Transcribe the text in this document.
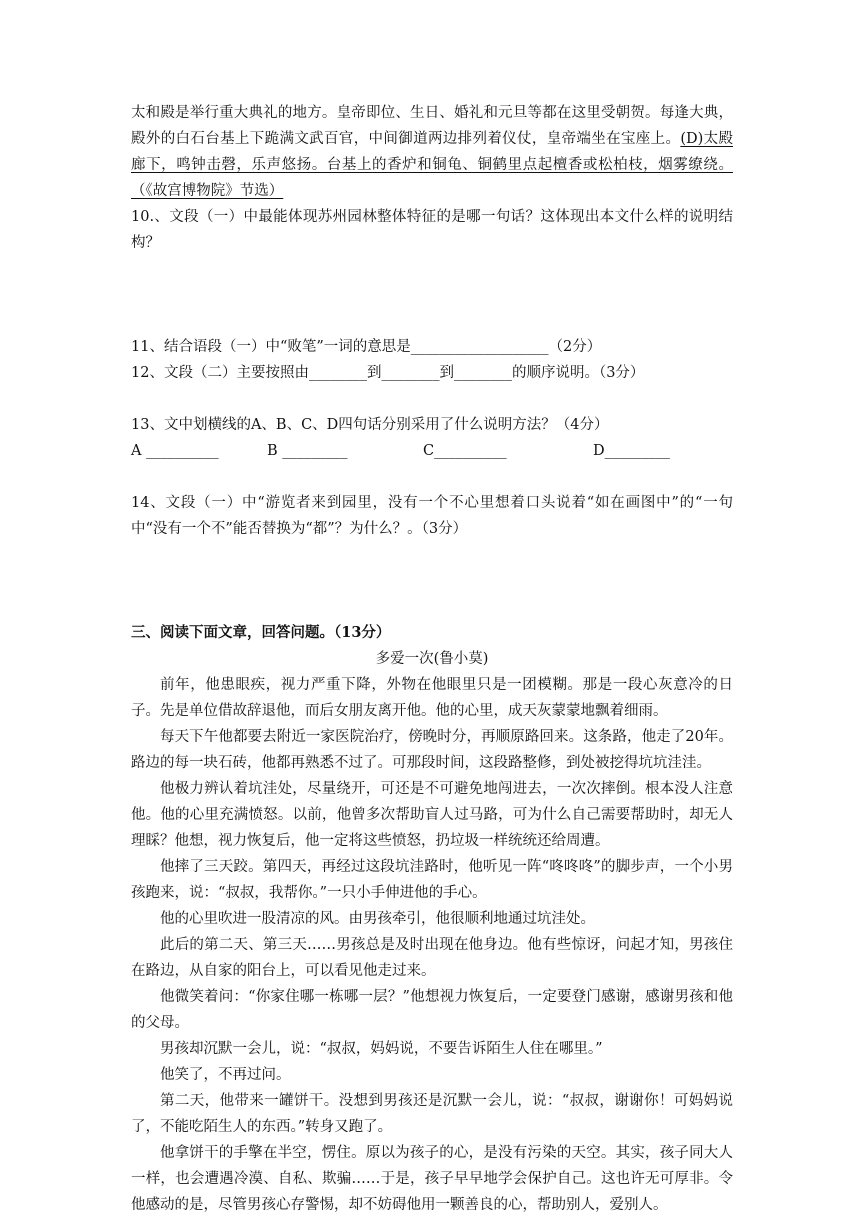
太和殿是举行重大典礼的地方。皇帝即位、生日、婚礼和元旦等都在这里受朝贺。每逢大典，殿外的白石台基上下跪满文武百官，中间御道两边排列着仪仗，皇帝端坐在宝座上。(D)太殿廊下，鸣钟击磬，乐声悠扬。台基上的香炉和铜龟、铜鹤里点起檀香或松柏枝，烟雾缭绕。（《故宫博物院》节选）

10.、文段（一）中最能体现苏州园林整体特征的是哪一句话？这体现出本文什么样的说明结构？

11、结合语段（一）中“败笔”一词的意思是___________________（2分）

12、文段（二）主要按照由________到________到________的顺序说明。（3分）

13、文中划横线的A、B、C、D四句话分别采用了什么说明方法？（4分）

A __________	B _________	C__________	D_________

14、文段（一）中“游览者来到园里，没有一个不心里想着口头说着“如在画图中”的“一句中“没有一个不”能否替换为“都”？为什么？。（3分）

三、阅读下面文章，回答问题。（13分）

多爱一次(鲁小莫)

前年，他患眼疾，视力严重下降，外物在他眼里只是一团模糊。那是一段心灰意冷的日子。先是单位借故辞退他，而后女朋友离开他。他的心里，成天灰蒙蒙地飘着细雨。

每天下午他都要去附近一家医院治疗，傍晚时分，再顺原路回来。这条路，他走了20年。路边的每一块石砖，他都再熟悉不过了。可那段时间，这段路整修，到处被挖得坑坑洼洼。

他极力辨认着坑洼处，尽量绕开，可还是不可避免地闯进去，一次次摔倒。根本没人注意他。他的心里充满愤怒。以前，他曾多次帮助盲人过马路，可为什么自己需要帮助时，却无人理睬？他想，视力恢复后，他一定将这些愤怒，扔垃圾一样统统还给周遭。

他摔了三天跤。第四天，再经过这段坑洼路时，他听见一阵“咚咚咚”的脚步声，一个小男孩跑来，说：“叔叔，我帮你。”一只小手伸进他的手心。

他的心里吹进一股清凉的风。由男孩牵引，他很顺利地通过坑洼处。

此后的第二天、第三天……男孩总是及时出现在他身边。他有些惊讶，问起才知，男孩住在路边，从自家的阳台上，可以看见他走过来。

他微笑着问：“你家住哪一栋哪一层？”他想视力恢复后，一定要登门感谢，感谢男孩和他的父母。

男孩却沉默一会儿，说：“叔叔，妈妈说，不要告诉陌生人住在哪里。”

他笑了，不再过问。

第二天，他带来一罐饼干。没想到男孩还是沉默一会儿，说：“叔叔，谢谢你！可妈妈说了，不能吃陌生人的东西。”转身又跑了。

他拿饼干的手擎在半空，愣住。原以为孩子的心，是没有污染的天空。其实，孩子同大人一样，也会遭遇冷漠、自私、欺骗……于是，孩子早早地学会保护自己。这也许无可厚非。令他感动的是，尽管男孩心存警惕，却不妨碍他用一颗善良的心，帮助别人，爱别人。
